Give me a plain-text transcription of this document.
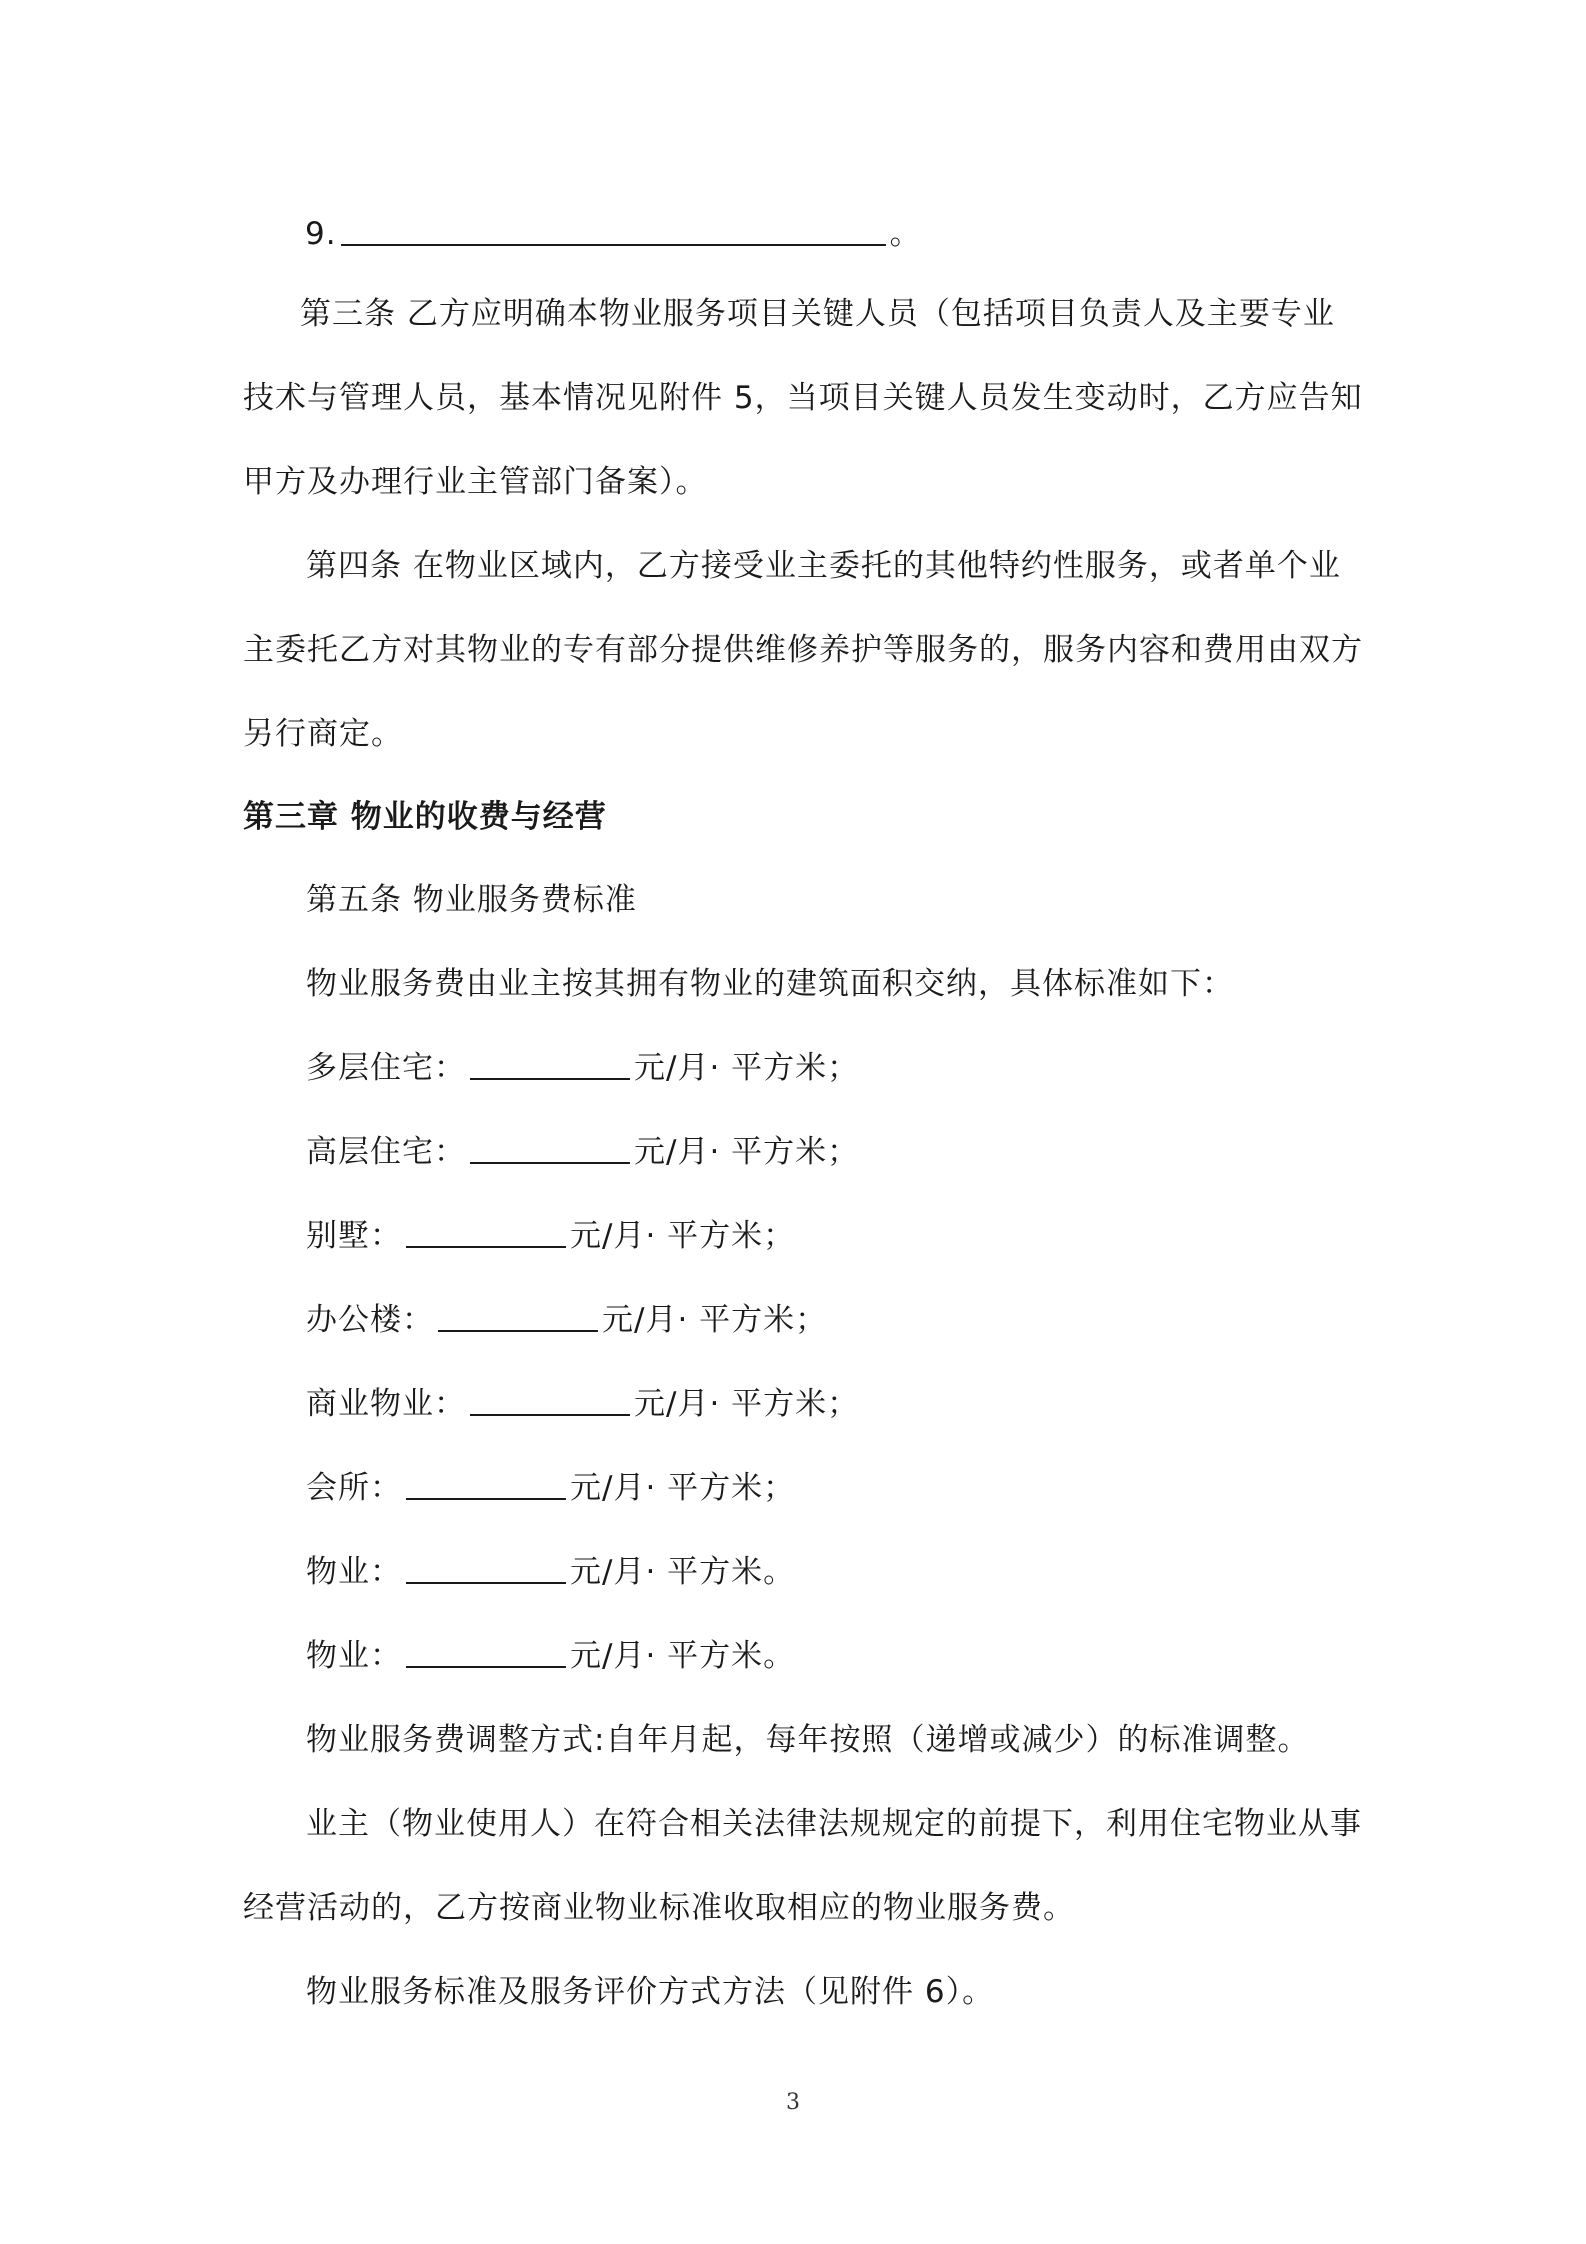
9.	。
第三条 乙方应明确本物业服务项目关键人员（包括项目负责人及主要专业
技术与管理人员，基本情况见附件 5，当项目关键人员发生变动时，乙方应告知
甲方及办理行业主管部门备案）。
第四条 在物业区域内，乙方接受业主委托的其他特约性服务，或者单个业
主委托乙方对其物业的专有部分提供维修养护等服务的，服务内容和费用由双方
另行商定。
第三章 物业的收费与经营
第五条 物业服务费标准
物业服务费由业主按其拥有物业的建筑面积交纳，具体标准如下：
多层住宅：	元/月· 平方米；
高层住宅：	元/月· 平方米；
别墅：	元/月· 平方米；
办公楼：	元/月· 平方米；
商业物业：	元/月· 平方米；
会所：	元/月· 平方米；
物业：	元/月· 平方米。
物业：	元/月· 平方米。
物业服务费调整方式:自年月起，每年按照（递增或减少）的标准调整。
业主（物业使用人）在符合相关法律法规规定的前提下，利用住宅物业从事
经营活动的，乙方按商业物业标准收取相应的物业服务费。
物业服务标准及服务评价方式方法（见附件 6）。
3
